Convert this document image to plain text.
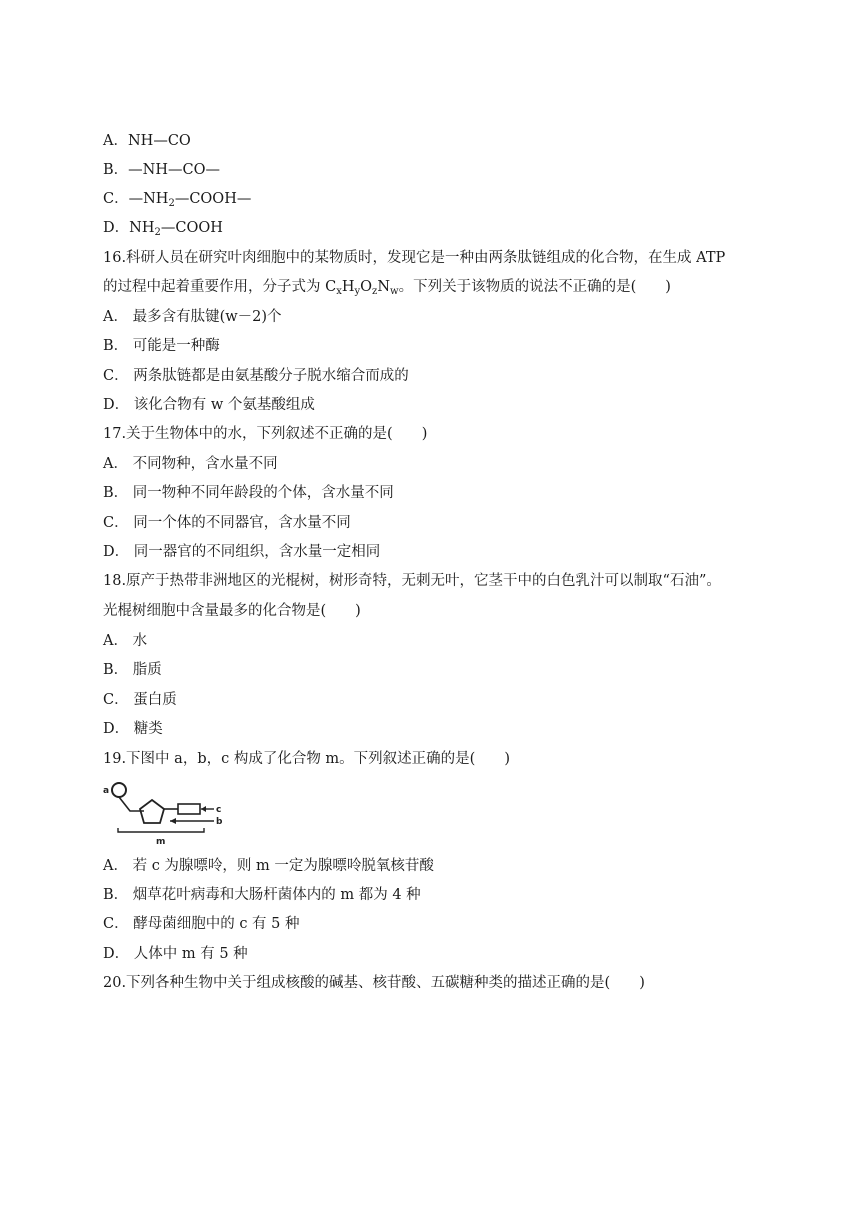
A．NH—CO
B．—NH—CO—
C．$—NH_2—COOH—$
D．$NH_2—COOH$
16.科研人员在研究叶肉细胞中的某物质时，发现它是一种由两条肽链组成的化合物，在生成 ATP
的过程中起着重要作用，分子式为 $C_xH_yO_zN_w$。下列关于该物质的说法不正确的是(　　)
A． 最多含有肽键(w－2)个
B． 可能是一种酶
C． 两条肽链都是由氨基酸分子脱水缩合而成的
D． 该化合物有 w 个氨基酸组成
17.关于生物体中的水，下列叙述不正确的是(　　)
A． 不同物种，含水量不同
B． 同一物种不同年龄段的个体，含水量不同
C． 同一个体的不同器官，含水量不同
D． 同一器官的不同组织，含水量一定相同
18.原产于热带非洲地区的光棍树，树形奇特，无刺无叶，它茎干中的白色乳汁可以制取“石油”。
光棍树细胞中含量最多的化合物是(　　)
A． 水
B． 脂质
C． 蛋白质
D． 糖类
19.下图中 a，b，c 构成了化合物 m。下列叙述正确的是(　　)
a
c
b
m
A． 若 c 为腺嘌呤，则 m 一定为腺嘌呤脱氧核苷酸
B． 烟草花叶病毒和大肠杆菌体内的 m 都为 4 种
C． 酵母菌细胞中的 c 有 5 种
D． 人体中 m 有 5 种
20.下列各种生物中关于组成核酸的碱基、核苷酸、五碳糖种类的描述正确的是(　　)
